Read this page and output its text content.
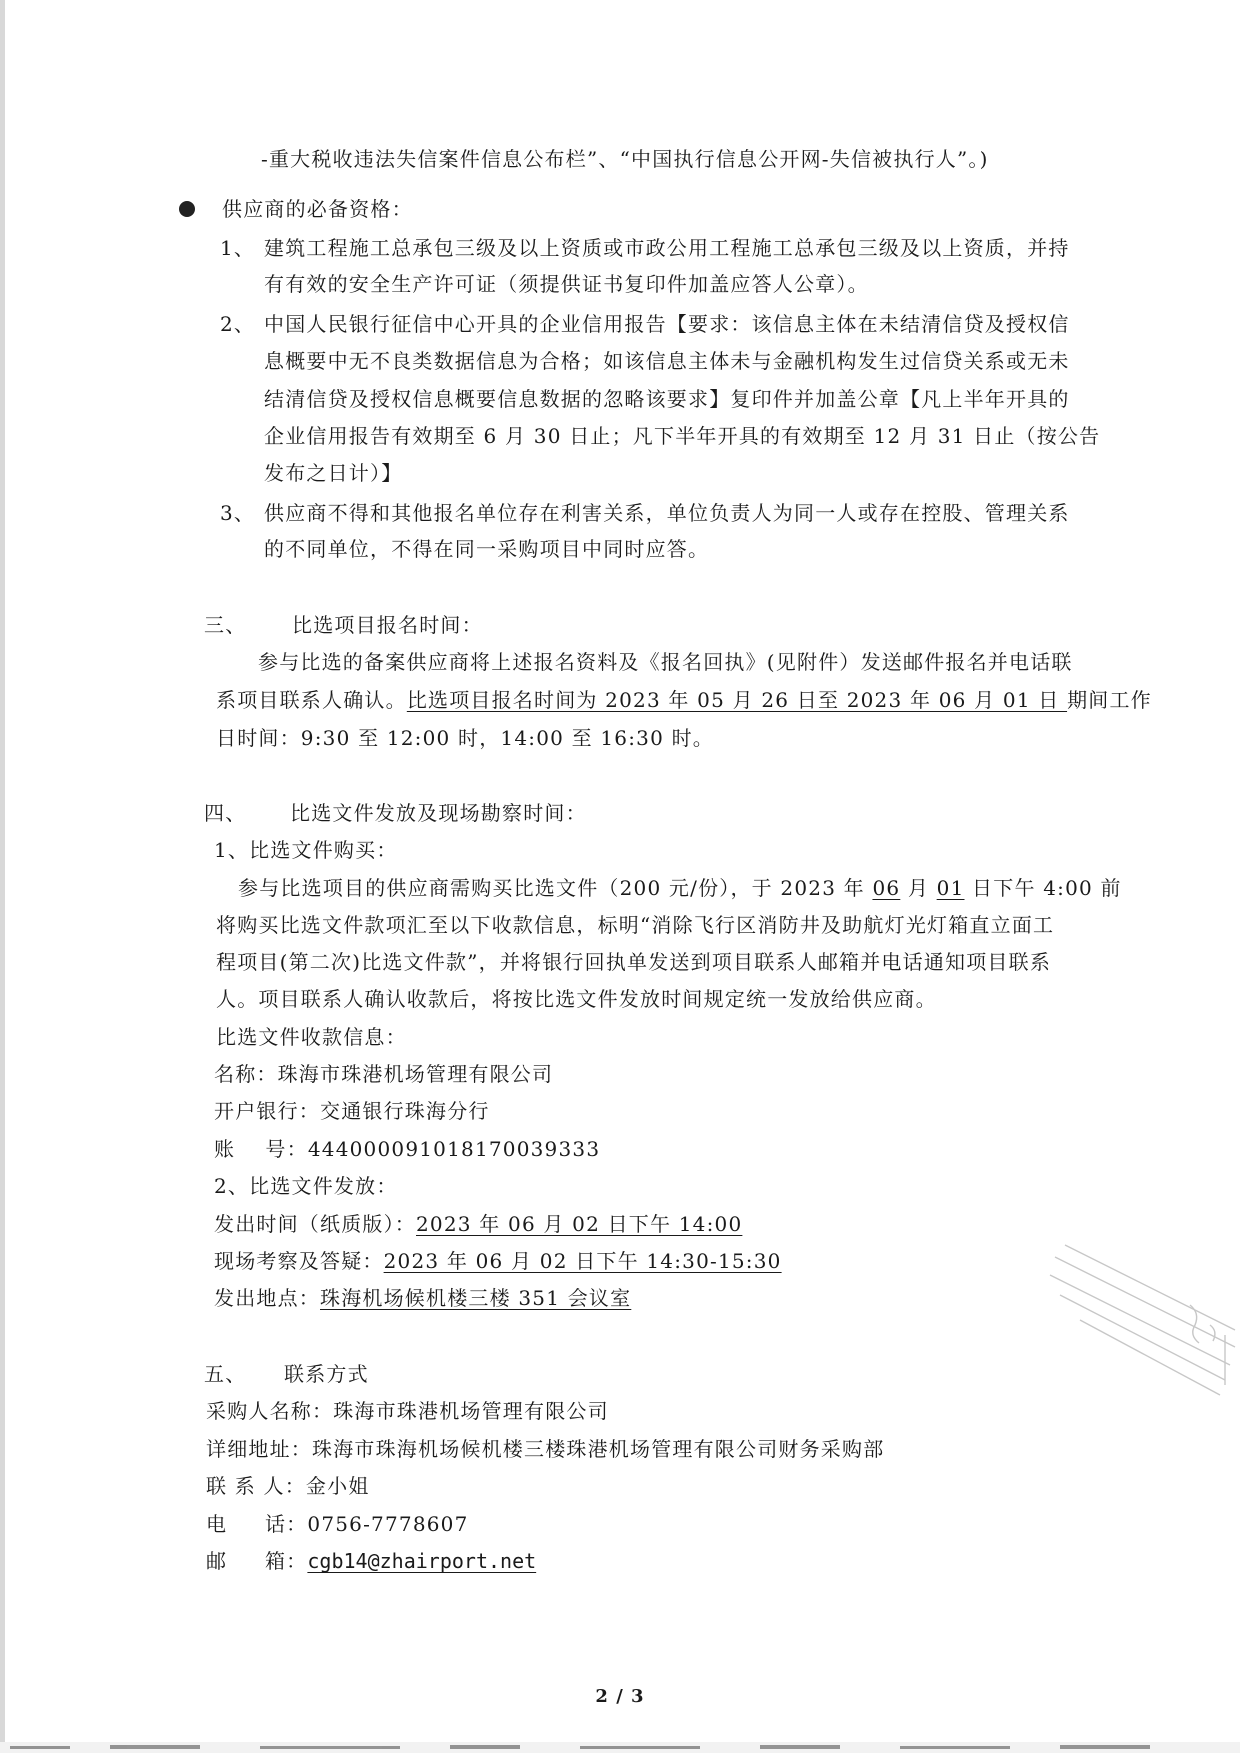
-重大税收违法失信案件信息公布栏”、“中国执行信息公开网-失信被执行人”。)
供应商的必备资格：
1、 建筑工程施工总承包三级及以上资质或市政公用工程施工总承包三级及以上资质，并持
有有效的安全生产许可证（须提供证书复印件加盖应答人公章）。
2、 中国人民银行征信中心开具的企业信用报告【要求：该信息主体在未结清信贷及授权信
息概要中无不良类数据信息为合格；如该信息主体未与金融机构发生过信贷关系或无未
结清信贷及授权信息概要信息数据的忽略该要求】复印件并加盖公章【凡上半年开具的
企业信用报告有效期至 6 月 30 日止；凡下半年开具的有效期至 12 月 31 日止（按公告
发布之日计）】
3、 供应商不得和其他报名单位存在利害关系，单位负责人为同一人或存在控股、管理关系
的不同单位，不得在同一采购项目中同时应答。
三、 比选项目报名时间：
参与比选的备案供应商将上述报名资料及《报名回执》(见附件）发送邮件报名并电话联
系项目联系人确认。比选项目报名时间为 2023 年 05 月 26 日至 2023 年 06 月 01 日 期间工作
日时间：9:30 至 12:00 时，14:00 至 16:30 时。
四、 比选文件发放及现场勘察时间：
1、比选文件购买：
参与比选项目的供应商需购买比选文件（200 元/份），于 2023 年 06 月 01 日下午 4:00 前
将购买比选文件款项汇至以下收款信息，标明“消除飞行区消防井及助航灯光灯箱直立面工
程项目(第二次)比选文件款”，并将银行回执单发送到项目联系人邮箱并电话通知项目联系
人。项目联系人确认收款后，将按比选文件发放时间规定统一发放给供应商。
比选文件收款信息：
名称：珠海市珠港机场管理有限公司
开户银行：交通银行珠海分行
账    号：444000091018170039333
2、比选文件发放：
发出时间（纸质版）：2023 年 06 月 02 日下午 14:00
现场考察及答疑：2023 年 06 月 02 日下午 14:30-15:30
发出地点：珠海机场候机楼三楼 351 会议室
五、 联系方式
采购人名称：珠海市珠港机场管理有限公司
详细地址：珠海市珠海机场候机楼三楼珠港机场管理有限公司财务采购部
联 系 人：金小姐
电     话：0756-7778607
邮     箱：cgb14@zhairport.net
2 / 3
